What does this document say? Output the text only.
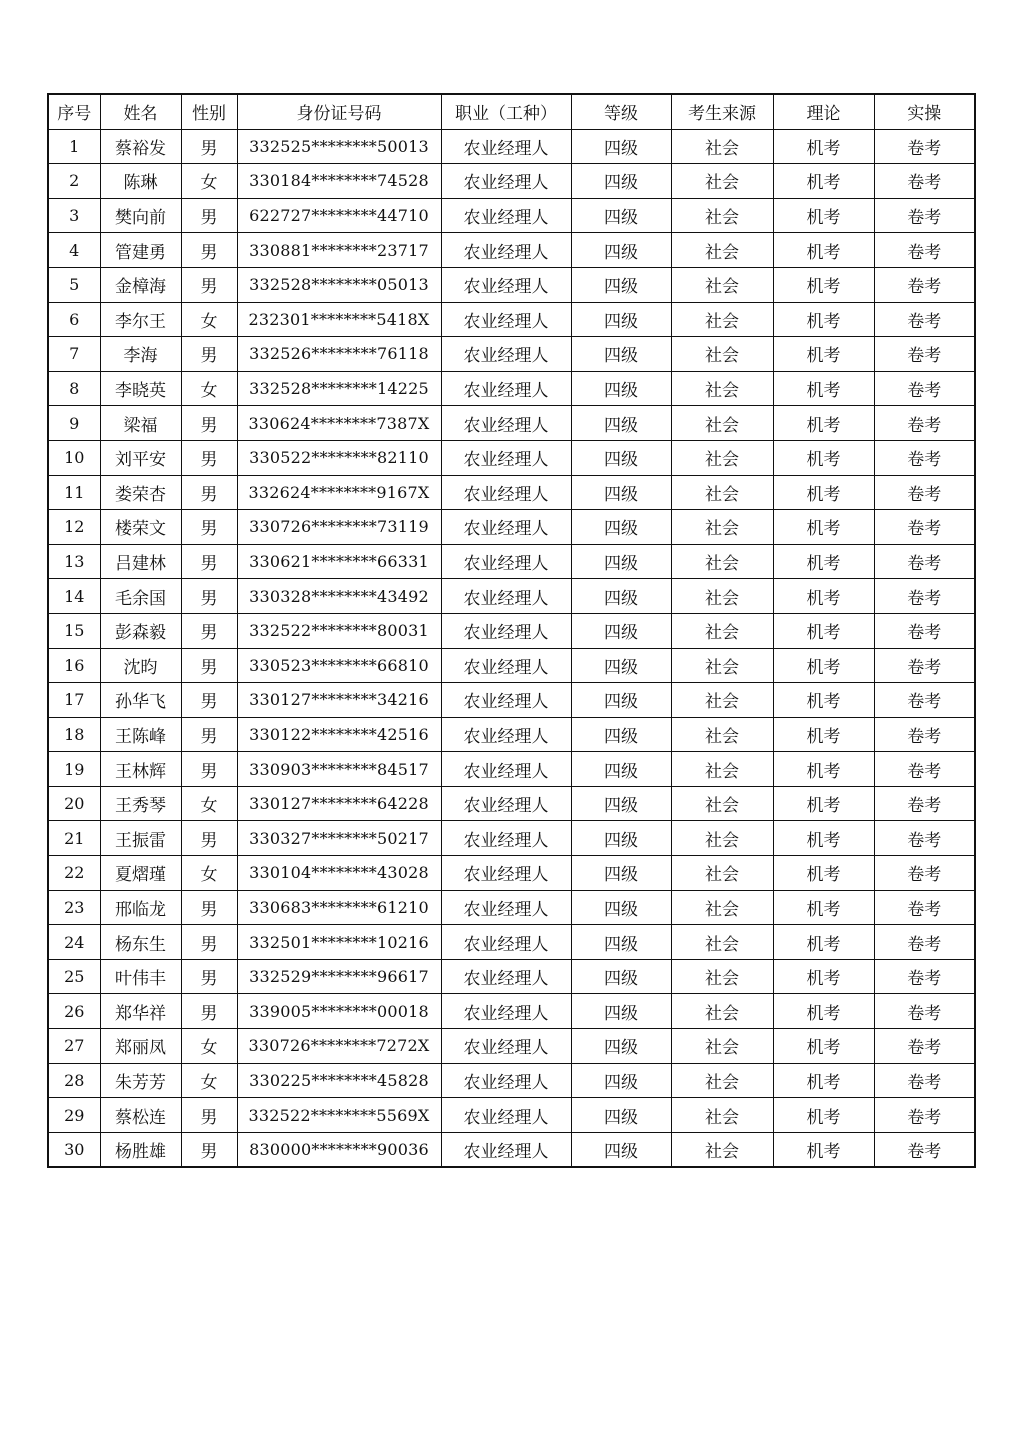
序号	姓名	性别	身份证号码	职业（工种）	等级	考生来源	理论	实操
1	蔡裕发	男	332525********50013	农业经理人	四级	社会	机考	卷考
2	陈琳	女	330184********74528	农业经理人	四级	社会	机考	卷考
3	樊向前	男	622727********44710	农业经理人	四级	社会	机考	卷考
4	管建勇	男	330881********23717	农业经理人	四级	社会	机考	卷考
5	金樟海	男	332528********05013	农业经理人	四级	社会	机考	卷考
6	李尔王	女	232301********5418X	农业经理人	四级	社会	机考	卷考
7	李海	男	332526********76118	农业经理人	四级	社会	机考	卷考
8	李晓英	女	332528********14225	农业经理人	四级	社会	机考	卷考
9	梁福	男	330624********7387X	农业经理人	四级	社会	机考	卷考
10	刘平安	男	330522********82110	农业经理人	四级	社会	机考	卷考
11	娄荣杏	男	332624********9167X	农业经理人	四级	社会	机考	卷考
12	楼荣文	男	330726********73119	农业经理人	四级	社会	机考	卷考
13	吕建林	男	330621********66331	农业经理人	四级	社会	机考	卷考
14	毛余国	男	330328********43492	农业经理人	四级	社会	机考	卷考
15	彭森毅	男	332522********80031	农业经理人	四级	社会	机考	卷考
16	沈昀	男	330523********66810	农业经理人	四级	社会	机考	卷考
17	孙华飞	男	330127********34216	农业经理人	四级	社会	机考	卷考
18	王陈峰	男	330122********42516	农业经理人	四级	社会	机考	卷考
19	王林辉	男	330903********84517	农业经理人	四级	社会	机考	卷考
20	王秀琴	女	330127********64228	农业经理人	四级	社会	机考	卷考
21	王振雷	男	330327********50217	农业经理人	四级	社会	机考	卷考
22	夏熠瑾	女	330104********43028	农业经理人	四级	社会	机考	卷考
23	邢临龙	男	330683********61210	农业经理人	四级	社会	机考	卷考
24	杨东生	男	332501********10216	农业经理人	四级	社会	机考	卷考
25	叶伟丰	男	332529********96617	农业经理人	四级	社会	机考	卷考
26	郑华祥	男	339005********00018	农业经理人	四级	社会	机考	卷考
27	郑丽凤	女	330726********7272X	农业经理人	四级	社会	机考	卷考
28	朱芳芳	女	330225********45828	农业经理人	四级	社会	机考	卷考
29	蔡松连	男	332522********5569X	农业经理人	四级	社会	机考	卷考
30	杨胜雄	男	830000********90036	农业经理人	四级	社会	机考	卷考
